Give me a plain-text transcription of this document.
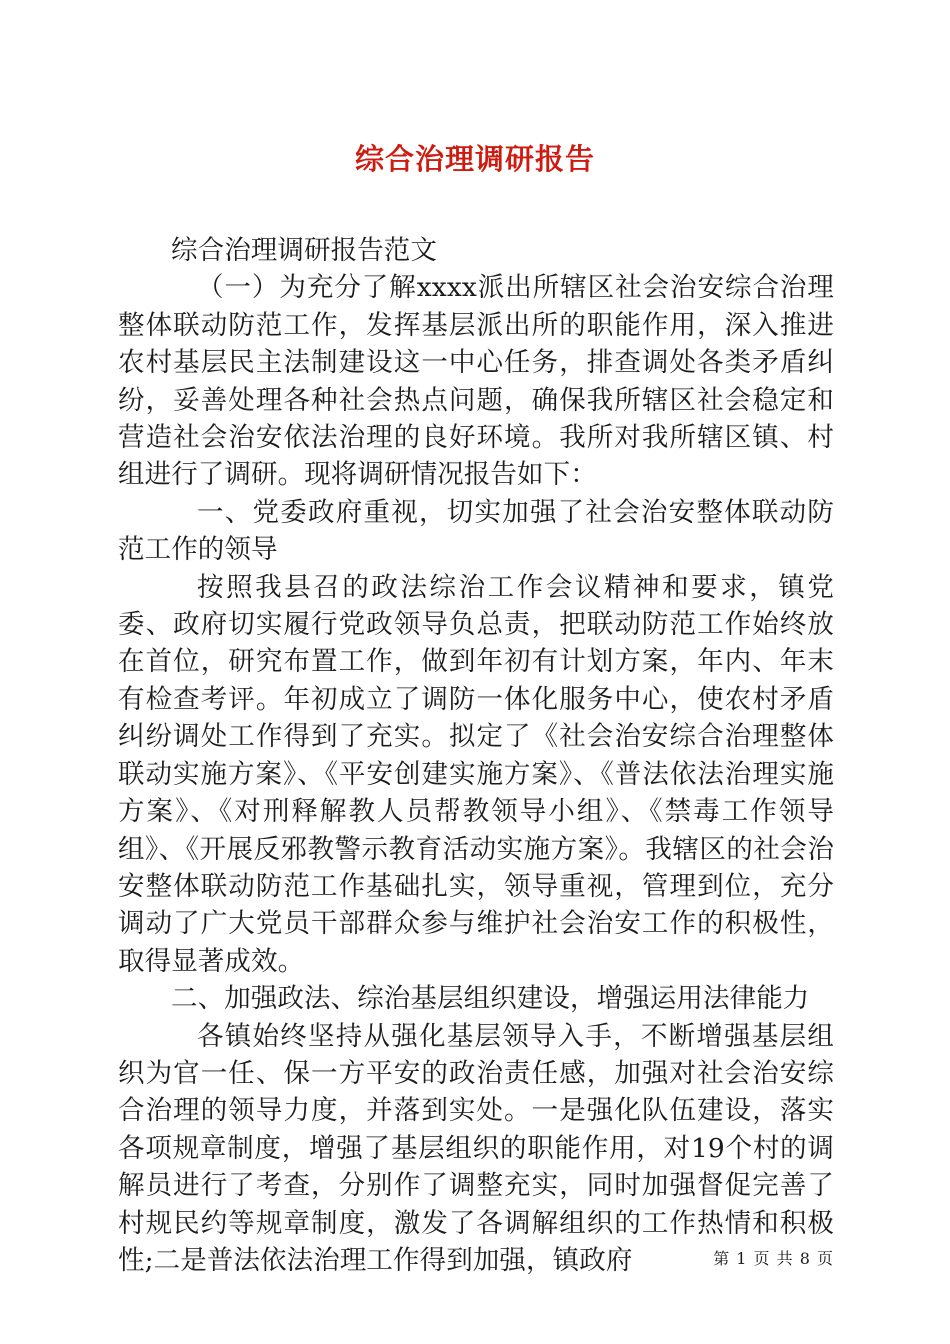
综合治理调研报告

综合治理调研报告范文

（一）为充分了解xxxx派出所辖区社会治安综合治理整体联动防范工作，发挥基层派出所的职能作用，深入推进农村基层民主法制建设这一中心任务，排查调处各类矛盾纠纷，妥善处理各种社会热点问题，确保我所辖区社会稳定和营造社会治安依法治理的良好环境。我所对我所辖区镇、村组进行了调研。现将调研情况报告如下：

一、党委政府重视，切实加强了社会治安整体联动防范工作的领导

按照我县召的政法综治工作会议精神和要求，镇党委、政府切实履行党政领导负总责，把联动防范工作始终放在首位，研究布置工作，做到年初有计划方案，年内、年末有检查考评。年初成立了调防一体化服务中心，使农村矛盾纠纷调处工作得到了充实。拟定了《社会治安综合治理整体联动实施方案》、《平安创建实施方案》、《普法依法治理实施方案》、《对刑释解教人员帮教领导小组》、《禁毒工作领导组》、《开展反邪教警示教育活动实施方案》。我辖区的社会治安整体联动防范工作基础扎实，领导重视，管理到位，充分调动了广大党员干部群众参与维护社会治安工作的积极性，取得显著成效。

二、加强政法、综治基层组织建设，增强运用法律能力

各镇始终坚持从强化基层领导入手，不断增强基层组织为官一任、保一方平安的政治责任感，加强对社会治安综合治理的领导力度，并落到实处。一是强化队伍建设，落实各项规章制度，增强了基层组织的职能作用，对19个村的调解员进行了考查，分别作了调整充实，同时加强督促完善了村规民约等规章制度，激发了各调解组织的工作热情和积极性;二是普法依法治理工作得到加强，镇政府	第 1 页 共 8 页
